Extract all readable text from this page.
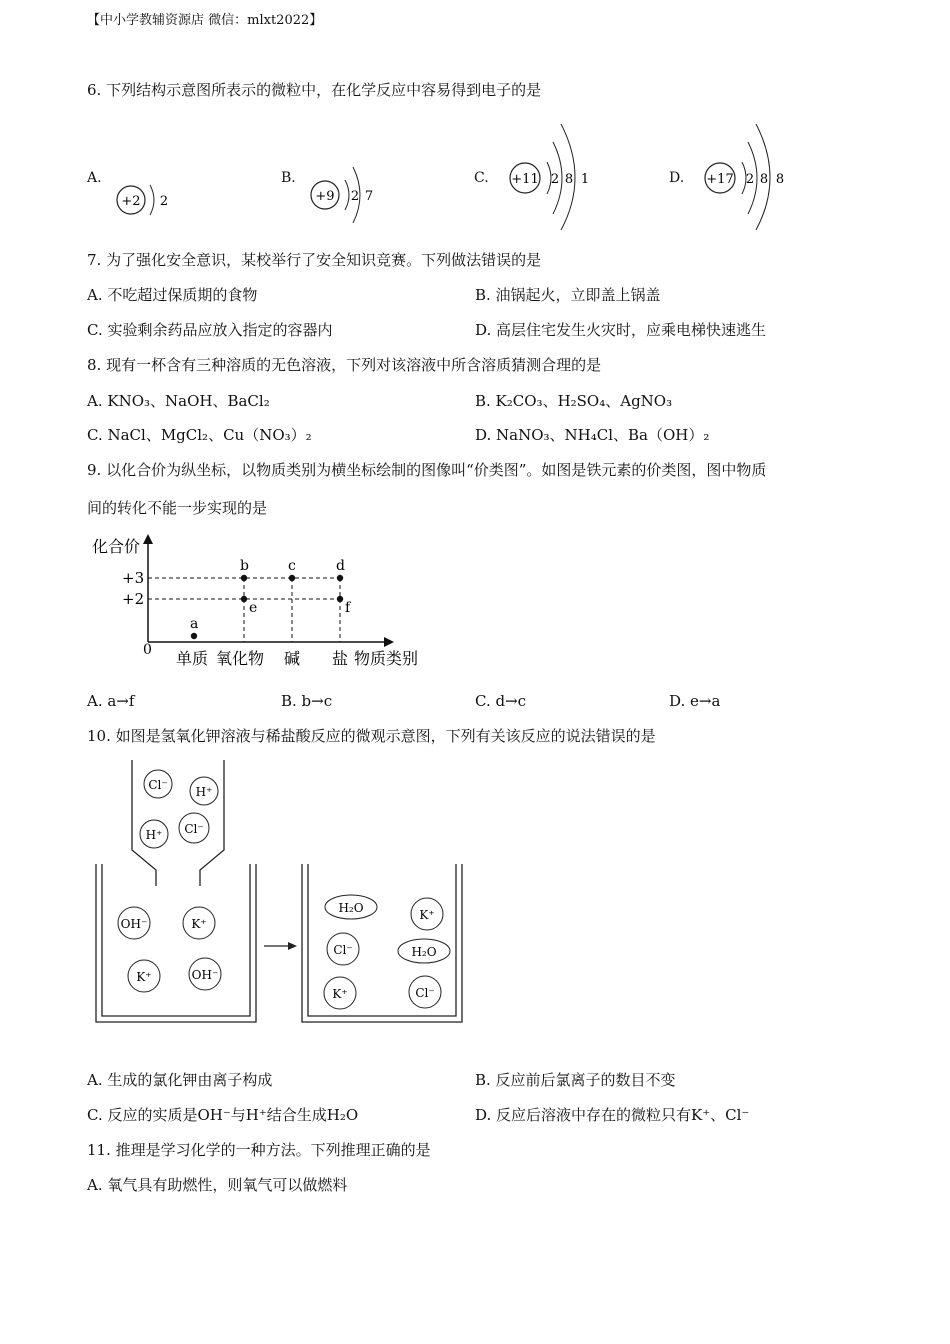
【中小学教辅资源店 微信：mlxt2022】
6. 下列结构示意图所表示的微粒中，在化学反应中容易得到电子的是
A.
+2 2
B.
+9 2 7
C. +11 2 8 1	D. +17 2 8 8
7. 为了强化安全意识，某校举行了安全知识竞赛。下列做法错误的是
A. 不吃超过保质期的食物	B. 油锅起火，立即盖上锅盖
C. 实验剩余药品应放入指定的容器内	D. 高层住宅发生火灾时，应乘电梯快速逃生
8. 现有一杯含有三种溶质的无色溶液，下列对该溶液中所含溶质猜测合理的是
A. KNO₃、NaOH、BaCl₂	B. K₂CO₃、H₂SO₄、AgNO₃
C. NaCl、MgCl₂、Cu（NO₃）₂	D. NaNO₃、NH₄Cl、Ba（OH）₂
9. 以化合价为纵坐标，以物质类别为横坐标绘制的图像叫“价类图”。如图是铁元素的价类图，图中物质
间的转化不能一步实现的是
化合价
+3
+2
0
a
b	c	d
e	f
单质 氧化物 碱 盐 物质类别
A. a→f	B. b→c	C. d→c	D. e→a
10. 如图是氢氧化钾溶液与稀盐酸反应的微观示意图，下列有关该反应的说法错误的是
Cl⁻ H⁺
H⁺ Cl⁻
OH⁻	K⁺
K⁺	OH⁻
H₂O	K⁺
Cl⁻	H₂O
K⁺	Cl⁻
A. 生成的氯化钾由离子构成	B. 反应前后氯离子的数目不变
C. 反应的实质是OH⁻与H⁺结合生成H₂O	D. 反应后溶液中存在的微粒只有K⁺、Cl⁻
11. 推理是学习化学的一种方法。下列推理正确的是
A. 氧气具有助燃性，则氧气可以做燃料
